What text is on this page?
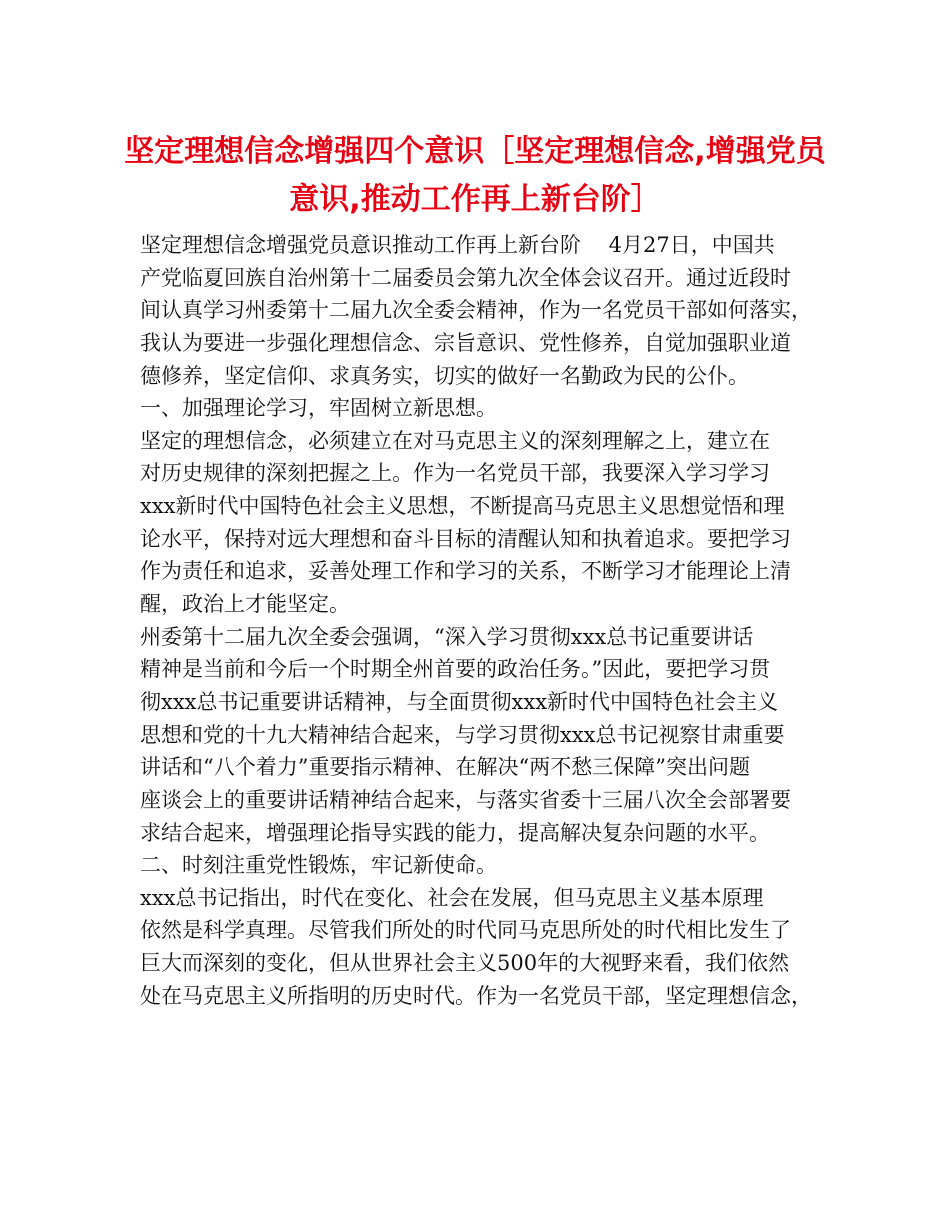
坚定理想信念增强四个意识［坚定理想信念,增强党员
意识,推动工作再上新台阶］
坚定理想信念增强党员意识推动工作再上新台阶　 4月27日，中国共
产党临夏回族自治州第十二届委员会第九次全体会议召开。通过近段时
间认真学习州委第十二届九次全委会精神，作为一名党员干部如何落实，
我认为要进一步强化理想信念、宗旨意识、党性修养，自觉加强职业道
德修养，坚定信仰、求真务实，切实的做好一名勤政为民的公仆。
一、加强理论学习，牢固树立新思想。
坚定的理想信念，必须建立在对马克思主义的深刻理解之上，建立在
对历史规律的深刻把握之上。作为一名党员干部，我要深入学习学习
xxx新时代中国特色社会主义思想，不断提高马克思主义思想觉悟和理
论水平，保持对远大理想和奋斗目标的清醒认知和执着追求。要把学习
作为责任和追求，妥善处理工作和学习的关系，不断学习才能理论上清
醒，政治上才能坚定。
州委第十二届九次全委会强调，“深入学习贯彻xxx总书记重要讲话
精神是当前和今后一个时期全州首要的政治任务。”因此，要把学习贯
彻xxx总书记重要讲话精神，与全面贯彻xxx新时代中国特色社会主义
思想和党的十九大精神结合起来，与学习贯彻xxx总书记视察甘肃重要
讲话和“八个着力”重要指示精神、在解决“两不愁三保障”突出问题
座谈会上的重要讲话精神结合起来，与落实省委十三届八次全会部署要
求结合起来，增强理论指导实践的能力，提高解决复杂问题的水平。
二、时刻注重党性锻炼，牢记新使命。
xxx总书记指出，时代在变化、社会在发展，但马克思主义基本原理
依然是科学真理。尽管我们所处的时代同马克思所处的时代相比发生了
巨大而深刻的变化，但从世界社会主义500年的大视野来看，我们依然
处在马克思主义所指明的历史时代。作为一名党员干部，坚定理想信念，
